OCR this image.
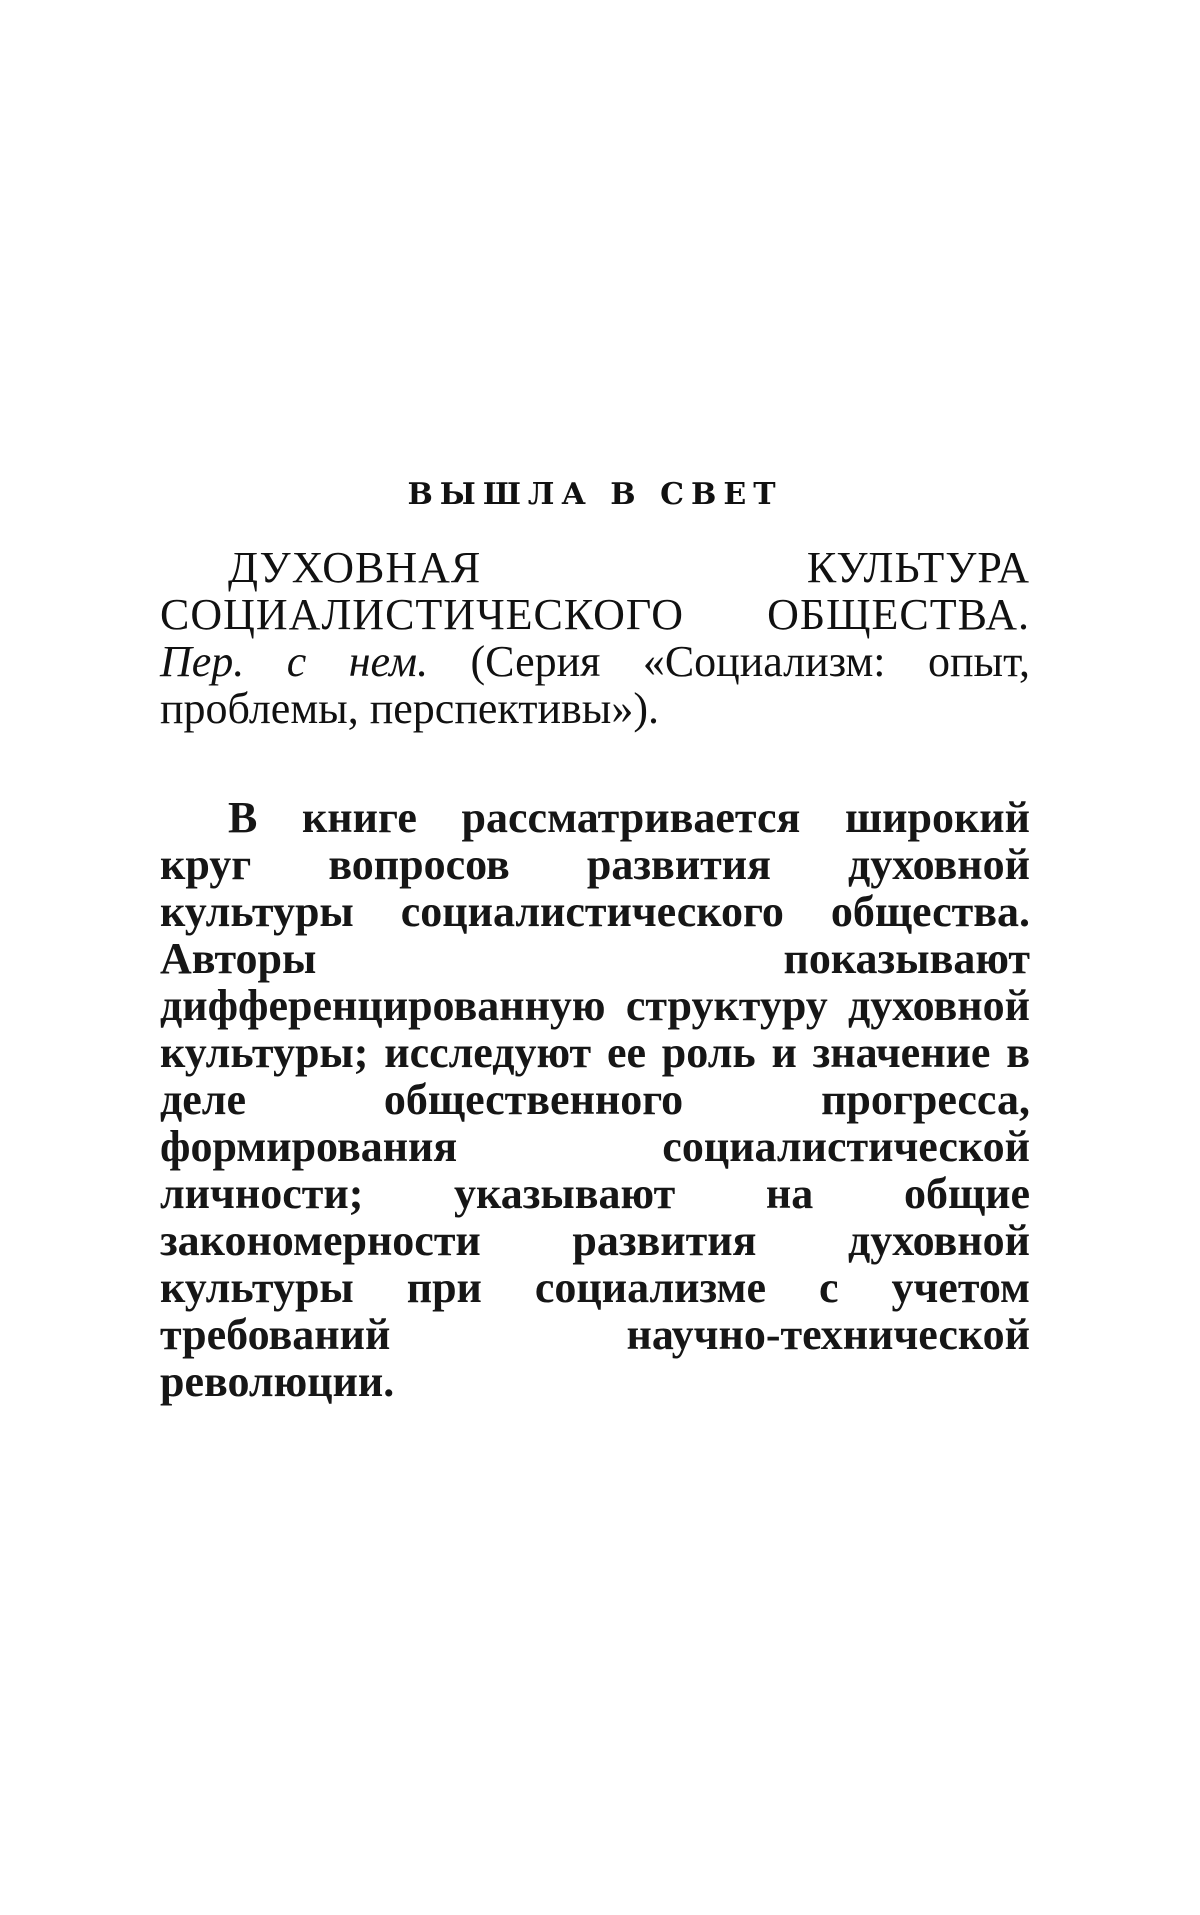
ВЫШЛА В СВЕТ

ДУХОВНАЯ КУЛЬТУРА СОЦИАЛИСТИЧЕСКОГО ОБЩЕСТВА. Пер. с нем. (Серия «Социализм: опыт, проблемы, перспективы»).

В книге рассматривается широкий круг вопросов развития духовной культуры социалистического общества. Авторы показывают дифференцированную структуру духовной культуры; исследуют ее роль и значение в деле общественного прогресса, формирования социалистической личности; указывают на общие закономерности развития духовной культуры при социализме с учетом требований научно-технической революции.
